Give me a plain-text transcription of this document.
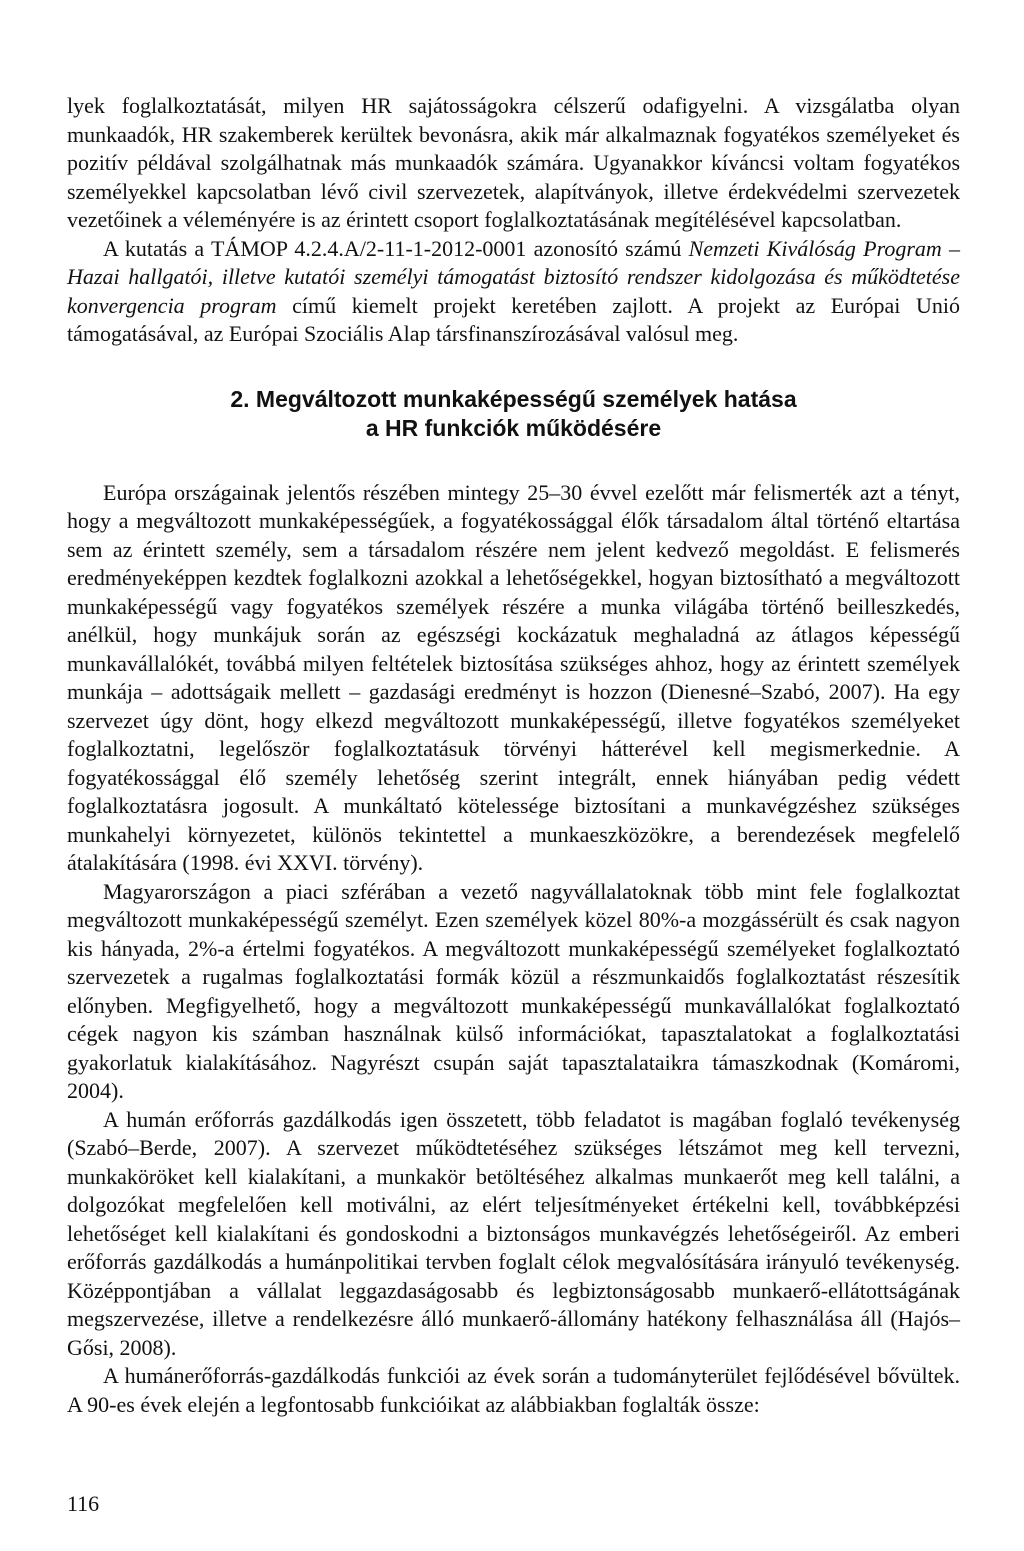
lyek foglalkoztatását, milyen HR sajátosságokra célszerű odafigyelni. A vizsgálatba olyan munkaadók, HR szakemberek kerültek bevonásra, akik már alkalmaznak fogyatékos személyeket és pozitív példával szolgálhatnak más munkaadók számára. Ugyanakkor kíváncsi voltam fogyatékos személyekkel kapcsolatban lévő civil szervezetek, alapítványok, illetve érdekvédelmi szervezetek vezetőinek a véleményére is az érintett csoport foglalkoztatásának megítélésével kapcsolatban.

A kutatás a TÁMOP 4.2.4.A/2-11-1-2012-0001 azonosító számú Nemzeti Kiválóság Program – Hazai hallgatói, illetve kutatói személyi támogatást biztosító rendszer kidolgozása és működtetése konvergencia program című kiemelt projekt keretében zajlott. A projekt az Európai Unió támogatásával, az Európai Szociális Alap társfinanszírozásával valósul meg.

2. Megváltozott munkaképességű személyek hatása
a HR funkciók működésére

Európa országainak jelentős részében mintegy 25–30 évvel ezelőtt már felismerték azt a tényt, hogy a megváltozott munkaképességűek, a fogyatékossággal élők társadalom által történő eltartása sem az érintett személy, sem a társadalom részére nem jelent kedvező megoldást. E felismerés eredményeképpen kezdtek foglalkozni azokkal a lehetőségekkel, hogyan biztosítható a megváltozott munkaképességű vagy fogyatékos személyek részére a munka világába történő beilleszkedés, anélkül, hogy munkájuk során az egészségi kockázatuk meghaladná az átlagos képességű munkavállalókét, továbbá milyen feltételek biztosítása szükséges ahhoz, hogy az érintett személyek munkája – adottságaik mellett – gazdasági eredményt is hozzon (Dienesné–Szabó, 2007). Ha egy szervezet úgy dönt, hogy elkezd megváltozott munkaképességű, illetve fogyatékos személyeket foglalkoztatni, legelőször foglalkoztatásuk törvényi hátterével kell megismerkednie. A fogyatékossággal élő személy lehetőség szerint integrált, ennek hiányában pedig védett foglalkoztatásra jogosult. A munkáltató kötelessége biztosítani a munkavégzéshez szükséges munkahelyi környezetet, különös tekintettel a munkaeszközökre, a berendezések megfelelő átalakítására (1998. évi XXVI. törvény).

Magyarországon a piaci szférában a vezető nagyvállalatoknak több mint fele foglalkoztat megváltozott munkaképességű személyt. Ezen személyek közel 80%-a mozgássérült és csak nagyon kis hányada, 2%-a értelmi fogyatékos. A megváltozott munkaképességű személyeket foglalkoztató szervezetek a rugalmas foglalkoztatási formák közül a részmunkaidős foglalkoztatást részesítik előnyben. Megfigyelhető, hogy a megváltozott munkaképességű munkavállalókat foglalkoztató cégek nagyon kis számban használnak külső információkat, tapasztalatokat a foglalkoztatási gyakorlatuk kialakításához. Nagyrészt csupán saját tapasztalataikra támaszkodnak (Komáromi, 2004).

A humán erőforrás gazdálkodás igen összetett, több feladatot is magában foglaló tevékenység (Szabó–Berde, 2007). A szervezet működtetéséhez szükséges létszámot meg kell tervezni, munkaköröket kell kialakítani, a munkakör betöltéséhez alkalmas munkaerőt meg kell találni, a dolgozókat megfelelően kell motiválni, az elért teljesítményeket értékelni kell, továbbképzési lehetőséget kell kialakítani és gondoskodni a biztonságos munkavégzés lehetőségeiről. Az emberi erőforrás gazdálkodás a humánpolitikai tervben foglalt célok megvalósítására irányuló tevékenység. Középpontjában a vállalat leggazdaságosabb és legbiztonságosabb munkaerő-ellátottságának megszervezése, illetve a rendelkezésre álló munkaerő-állomány hatékony felhasználása áll (Hajós–Gősi, 2008).

A humánerőforrás-gazdálkodás funkciói az évek során a tudományterület fejlődésével bővültek. A 90-es évek elején a legfontosabb funkcióikat az alábbiakban foglalták össze:

116
